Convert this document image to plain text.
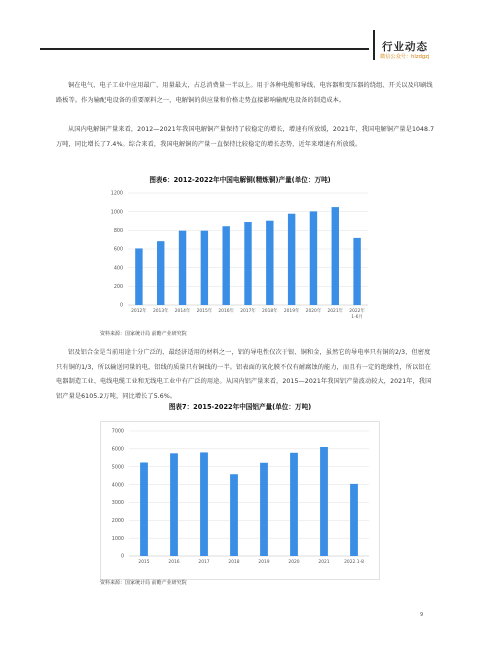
行业动态
微信公众号：hlzdgzj

铜在电气、电子工业中应用最广、用量最大，占总消费量一半以上。用于各种电缆和导线、电容器和变压器的绕组、开关以及印刷线路板等。作为输配电设备的重要原料之一，电解铜的供应量和价格走势直接影响输配电设备的制造成本。

从国内电解铜产量来看，2012—2021年我国电解铜产量保持了较稳定的增长，增速有所放缓，2021年，我国电解铜产量是1048.7万吨，同比增长了7.4%。综合来看，我国电解铜的产量一直保持比较稳定的增长态势，近年来增速有所放缓。

图表6：2012-2022年中国电解铜(精炼铜)产量(单位：万吨)
0
200
400
600
800
1000
1200
2012年 2013年 2014年 2015年 2016年 2017年 2018年 2019年 2020年 2021年 2022年
1-6月
资料来源：国家统计局 前瞻产业研究院

铝及铝合金是当前用途十分广泛的、最经济适用的材料之一，铝的导电性仅次于银、铜和金，虽然它的导电率只有铜的2/3，但密度只有铜的1/3，所以输送同量的电，铝线的质量只有铜线的一半。铝表面的氧化膜不仅有耐腐蚀的能力，而且有一定的绝缘性，所以铝在电器制造工业、电线电缆工业和无线电工业中有广泛的用途。从国内铝产量来看，2015—2021年我国铝产量波动较大，2021年，我国铝产量是6105.2万吨，同比增长了5.6%。

图表7：2015-2022年中国铝产量(单位：万吨)
0
1000
2000
3000
4000
5000
6000
7000
2015	2016	2017	2018	2019	2020	2021	2022.1-8
资料来源：国家统计局 前瞻产业研究院
9
